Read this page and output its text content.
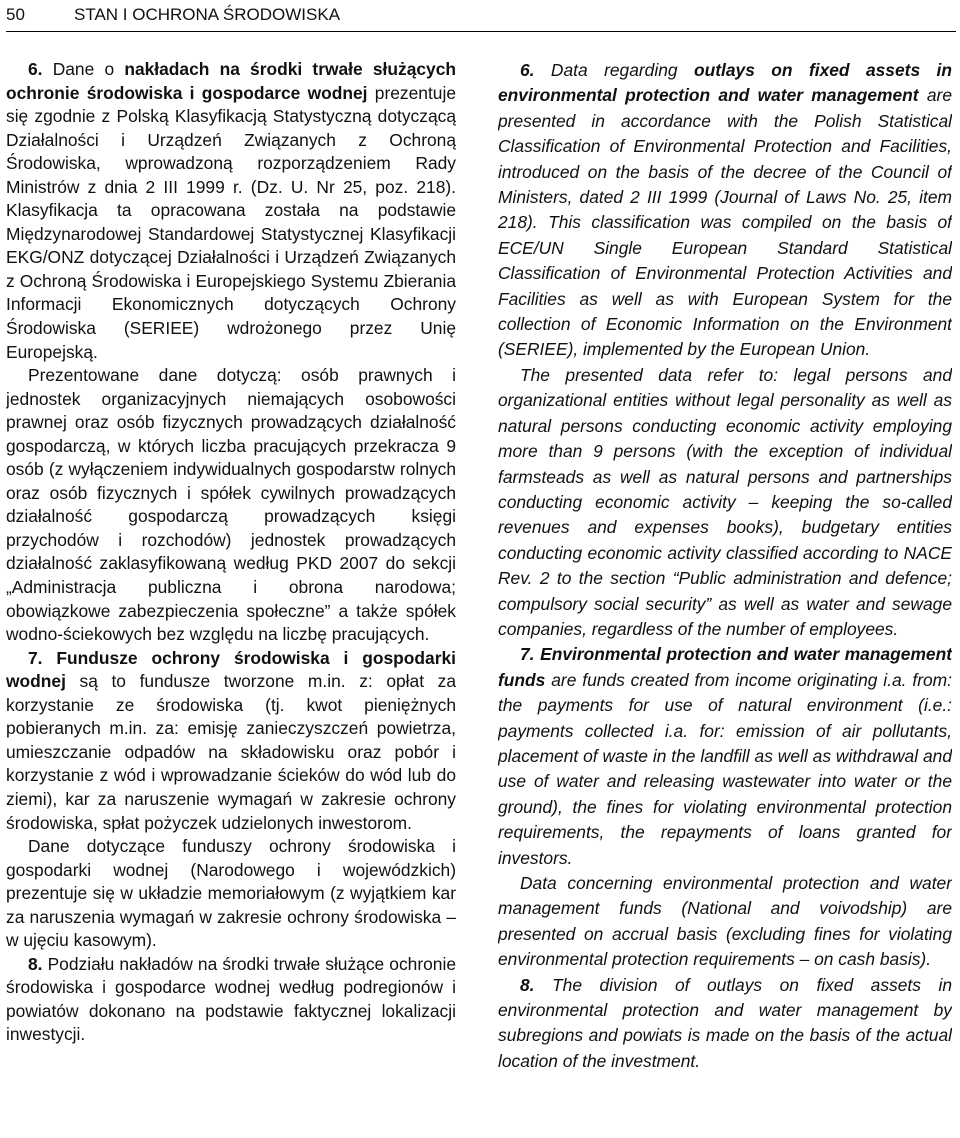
50	STAN I OCHRONA ŚRODOWISKA

6. Dane o nakładach na środki trwałe służących ochronie środowiska i gospodarce wodnej prezentuje się zgodnie z Polską Klasyfikacją Statystyczną dotyczącą Działalności i Urządzeń Związanych z Ochroną Środowiska, wprowadzoną rozporządzeniem Rady Ministrów z dnia 2 III 1999 r. (Dz. U. Nr 25, poz. 218). Klasyfikacja ta opracowana została na podstawie Międzynarodowej Standardowej Statystycznej Klasyfikacji EKG/ONZ dotyczącej Działalności i Urządzeń Związanych z Ochroną Środowiska i Europejskiego Systemu Zbierania Informacji Ekonomicznych dotyczących Ochrony Środowiska (SERIEE) wdrożonego przez Unię Europejską.

Prezentowane dane dotyczą: osób prawnych i jednostek organizacyjnych niemających osobowości prawnej oraz osób fizycznych prowadzących działalność gospodarczą, w których liczba pracujących przekracza 9 osób (z wyłączeniem indywidualnych gospodarstw rolnych oraz osób fizycznych i spółek cywilnych prowadzących działalność gospodarczą prowadzących księgi przychodów i rozchodów) jednostek prowadzących działalność zaklasyfikowaną według PKD 2007 do sekcji „Administracja publiczna i obrona narodowa; obowiązkowe zabezpieczenia społeczne” a także spółek wodno-ściekowych bez względu na liczbę pracujących.

7. Fundusze ochrony środowiska i gospodarki wodnej są to fundusze tworzone m.in. z: opłat za korzystanie ze środowiska (tj. kwot pieniężnych pobieranych m.in. za: emisję zanieczyszczeń powietrza, umieszczanie odpadów na składowisku oraz pobór i korzystanie z wód i wprowadzanie ścieków do wód lub do ziemi), kar za naruszenie wymagań w zakresie ochrony środowiska, spłat pożyczek udzielonych inwestorom.

Dane dotyczące funduszy ochrony środowiska i gospodarki wodnej (Narodowego i wojewódzkich) prezentuje się w układzie memoriałowym (z wyjątkiem kar za naruszenia wymagań w zakresie ochrony środowiska – w ujęciu kasowym).

8. Podziału nakładów na środki trwałe służące ochronie środowiska i gospodarce wodnej według podregionów i powiatów dokonano na podstawie faktycznej lokalizacji inwestycji.

6. Data regarding outlays on fixed assets in environmental protection and water management are presented in accordance with the Polish Statistical Classification of Environmental Protection and Facilities, introduced on the basis of the decree of the Council of Ministers, dated 2 III 1999 (Journal of Laws No. 25, item 218). This classification was compiled on the basis of ECE/UN Single European Standard Statistical Classification of Environmental Protection Activities and Facilities as well as with European System for the collection of Economic Information on the Environment (SERIEE), implemented by the European Union.

The presented data refer to: legal persons and organizational entities without legal personality as well as natural persons conducting economic activity employing more than 9 persons (with the exception of individual farmsteads as well as natural persons and partnerships conducting economic activity – keeping the so-called revenues and expenses books), budgetary entities conducting economic activity classified according to NACE Rev. 2 to the section “Public administration and defence; compulsory social security” as well as water and sewage companies, regardless of the number of employees.

7. Environmental protection and water management funds are funds created from income originating i.a. from: the payments for use of natural environment (i.e.: payments collected i.a. for: emission of air pollutants, placement of waste in the landfill as well as withdrawal and use of water and releasing wastewater into water or the ground), the fines for violating environmental protection requirements, the repayments of loans granted for investors.

Data concerning environmental protection and water management funds (National and voivodship) are presented on accrual basis (excluding fines for violating environmental protection requirements – on cash basis).

8. The division of outlays on fixed assets in environmental protection and water management by subregions and powiats is made on the basis of the actual location of the investment.
